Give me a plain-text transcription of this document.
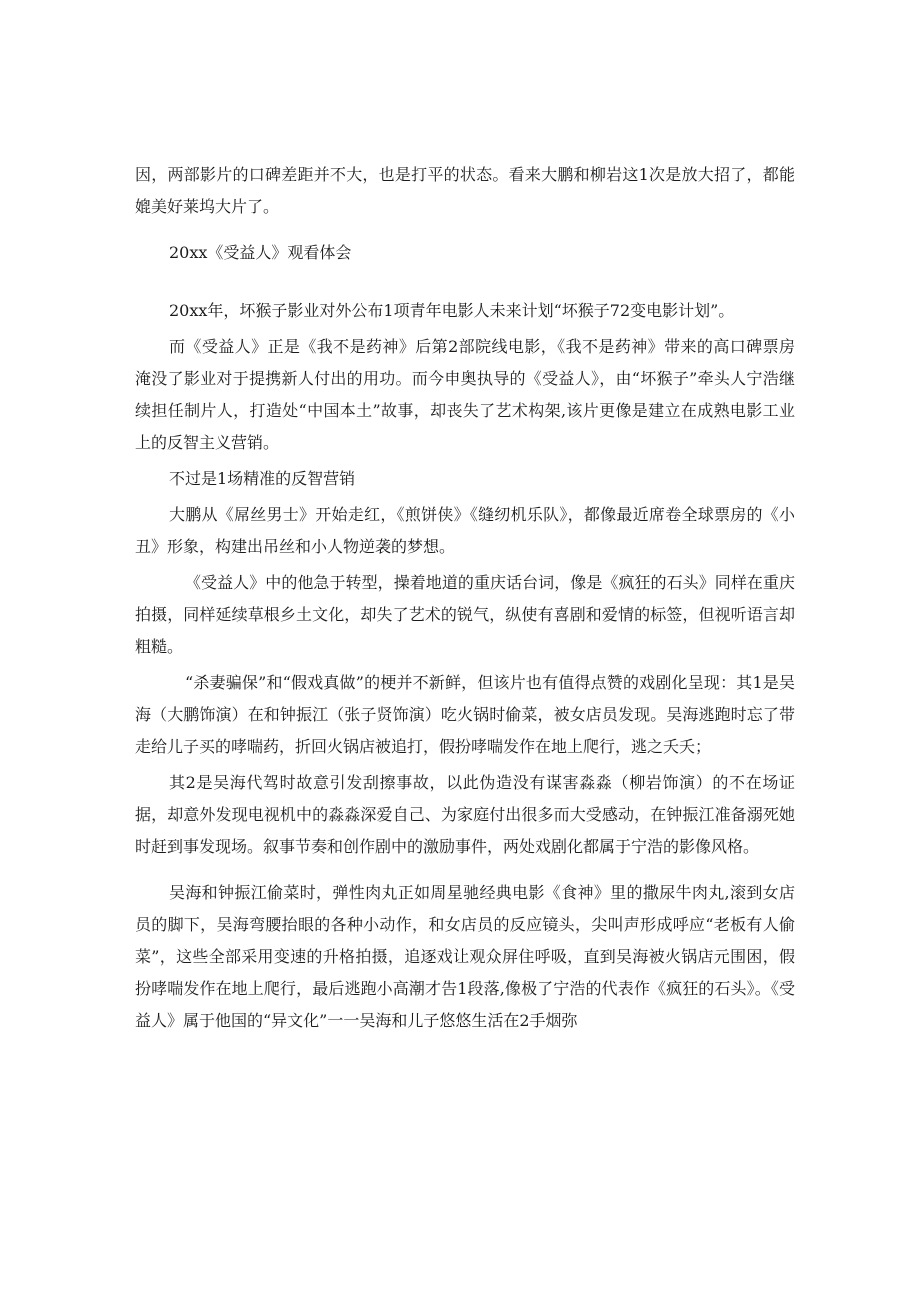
因，两部影片的口碑差距并不大，也是打平的状态。看来大鹏和柳岩这1次是放大招了，都能媲美好莱坞大片了。

20xx《受益人》观看体会

20xx年，坏猴子影业对外公布1项青年电影人未来计划“坏猴子72变电影计划”。

而《受益人》正是《我不是药神》后第2部院线电影，《我不是药神》带来的高口碑票房淹没了影业对于提携新人付出的用功。而今申奥执导的《受益人》，由“坏猴子”牵头人宁浩继续担任制片人，打造处“中国本土”故事，却丧失了艺术构架,该片更像是建立在成熟电影工业上的反智主义营销。

不过是1场精准的反智营销

大鹏从《屌丝男士》开始走红，《煎饼侠》《缝纫机乐队》，都像最近席卷全球票房的《小丑》形象，构建出吊丝和小人物逆袭的梦想。

《受益人》中的他急于转型，操着地道的重庆话台词，像是《疯狂的石头》同样在重庆拍摄，同样延续草根乡土文化，却失了艺术的锐气，纵使有喜剧和爱情的标签，但视听语言却粗糙。

“杀妻骗保”和“假戏真做”的梗并不新鲜，但该片也有值得点赞的戏剧化呈现：其1是吴海（大鹏饰演）在和钟振江（张子贤饰演）吃火锅时偷菜，被女店员发现。吴海逃跑时忘了带走给儿子买的哮喘药，折回火锅店被追打，假扮哮喘发作在地上爬行，逃之夭夭；

其2是吴海代驾时故意引发刮擦事故，以此伪造没有谋害淼淼（柳岩饰演）的不在场证据，却意外发现电视机中的淼淼深爱自己、为家庭付出很多而大受感动，在钟振江准备溺死她时赶到事发现场。叙事节奏和创作剧中的激励事件，两处戏剧化都属于宁浩的影像风格。

吴海和钟振江偷菜时，弹性肉丸正如周星驰经典电影《食神》里的撒尿牛肉丸,滚到女店员的脚下，吴海弯腰抬眼的各种小动作，和女店员的反应镜头，尖叫声形成呼应“老板有人偷菜”，这些全部采用变速的升格拍摄，追逐戏让观众屏住呼吸，直到吴海被火锅店元围困，假扮哮喘发作在地上爬行，最后逃跑小高潮才告1段落,像极了宁浩的代表作《疯狂的石头》。《受益人》属于他国的“异文化”一一吴海和儿子悠悠生活在2手烟弥
